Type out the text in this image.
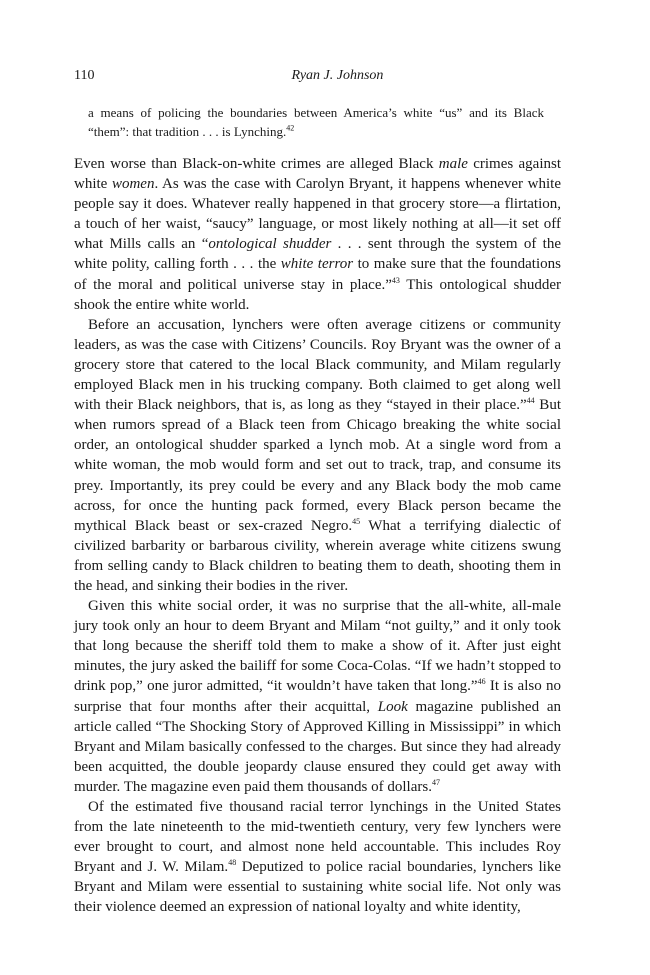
110	Ryan J. Johnson
a means of policing the boundaries between America’s white “us” and its Black “them”: that tradition . . . is Lynching.$^{42}$

Even worse than Black-on-white crimes are alleged Black male crimes against white women. As was the case with Carolyn Bryant, it happens whenever white people say it does. Whatever really happened in that grocery store—a flirtation, a touch of her waist, “saucy” language, or most likely nothing at all—it set off what Mills calls an “ontological shudder . . . sent through the system of the white polity, calling forth . . . the white terror to make sure that the foundations of the moral and political universe stay in place.”$^{43}$ This ontological shudder shook the entire white world.

Before an accusation, lynchers were often average citizens or community leaders, as was the case with Citizens’ Councils. Roy Bryant was the owner of a grocery store that catered to the local Black community, and Milam regularly employed Black men in his trucking company. Both claimed to get along well with their Black neighbors, that is, as long as they “stayed in their place.”$^{44}$ But when rumors spread of a Black teen from Chicago breaking the white social order, an ontological shudder sparked a lynch mob. At a single word from a white woman, the mob would form and set out to track, trap, and consume its prey. Importantly, its prey could be every and any Black body the mob came across, for once the hunting pack formed, every Black person became the mythical Black beast or sex-crazed Negro.$^{45}$ What a terrifying dialectic of civilized barbarity or barbarous civility, wherein average white citizens swung from selling candy to Black children to beating them to death, shooting them in the head, and sinking their bodies in the river.

Given this white social order, it was no surprise that the all-white, all-male jury took only an hour to deem Bryant and Milam “not guilty,” and it only took that long because the sheriff told them to make a show of it. After just eight minutes, the jury asked the bailiff for some Coca-Colas. “If we hadn’t stopped to drink pop,” one juror admitted, “it wouldn’t have taken that long.”$^{46}$ It is also no surprise that four months after their acquittal, Look magazine published an article called “The Shocking Story of Approved Killing in Mississippi” in which Bryant and Milam basically confessed to the charges. But since they had already been acquitted, the double jeopardy clause ensured they could get away with murder. The magazine even paid them thousands of dollars.$^{47}$

Of the estimated five thousand racial terror lynchings in the United States from the late nineteenth to the mid-twentieth century, very few lynchers were ever brought to court, and almost none held accountable. This includes Roy Bryant and J. W. Milam.$^{48}$ Deputized to police racial boundaries, lynchers like Bryant and Milam were essential to sustaining white social life. Not only was their violence deemed an expression of national loyalty and white identity,
